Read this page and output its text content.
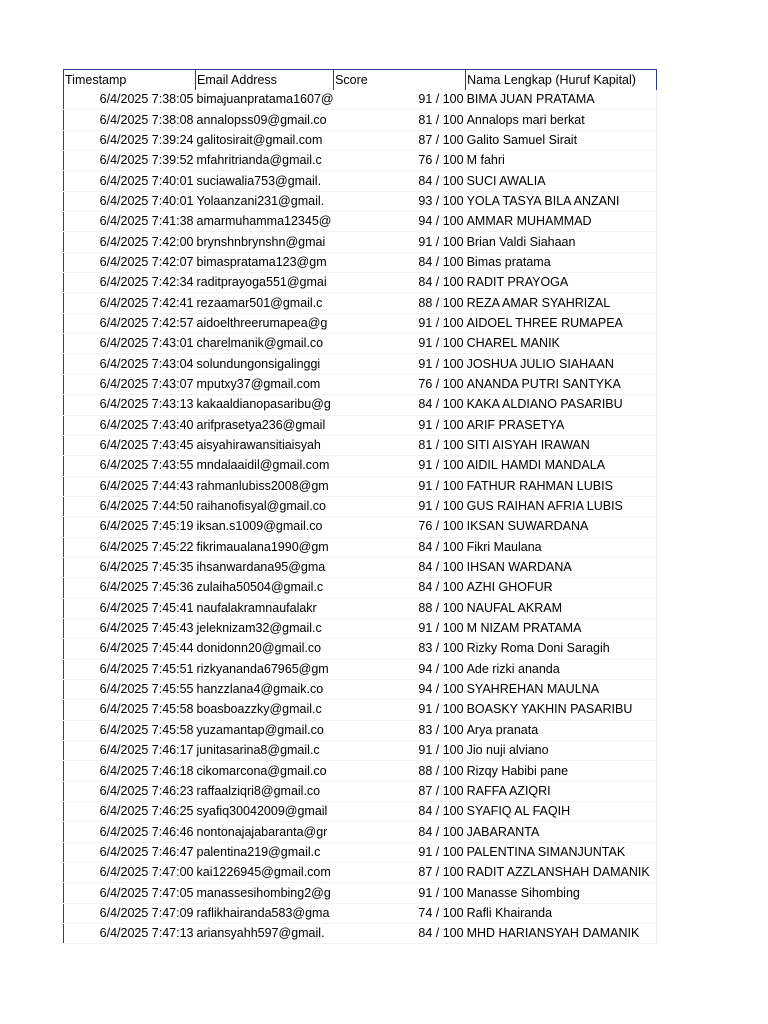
Timestamp	Email Address	Score	Nama Lengkap (Huruf Kapital)
6/4/2025 7:38:05	bimajuanpratama1607@	91 / 100	BIMA JUAN PRATAMA
6/4/2025 7:38:08	annalopss09@gmail.co	81 / 100	Annalops mari berkat
6/4/2025 7:39:24	galitosirait@gmail.com	87 / 100	Galito Samuel Sirait
6/4/2025 7:39:52	mfahritrianda@gmail.c	76 / 100	M fahri
6/4/2025 7:40:01	suciawalia753@gmail.	84 / 100	SUCI AWALIA
6/4/2025 7:40:01	Yolaanzani231@gmail.	93 / 100	YOLA TASYA BILA ANZANI
6/4/2025 7:41:38	amarmuhamma12345@	94 / 100	AMMAR MUHAMMAD
6/4/2025 7:42:00	brynshnbrynshn@gmai	91 / 100	Brian Valdi Siahaan
6/4/2025 7:42:07	bimaspratama123@gm	84 / 100	Bimas pratama
6/4/2025 7:42:34	raditprayoga551@gmai	84 / 100	RADIT PRAYOGA
6/4/2025 7:42:41	rezaamar501@gmail.c	88 / 100	REZA AMAR SYAHRIZAL
6/4/2025 7:42:57	aidoelthreerumapea@g	91 / 100	AIDOEL THREE RUMAPEA
6/4/2025 7:43:01	charelmanik@gmail.co	91 / 100	CHAREL MANIK
6/4/2025 7:43:04	solundungonsigalinggi	91 / 100	JOSHUA JULIO SIAHAAN
6/4/2025 7:43:07	mputxy37@gmail.com	76 / 100	ANANDA PUTRI SANTYKA
6/4/2025 7:43:13	kakaaldianopasaribu@g	84 / 100	KAKA ALDIANO PASARIBU
6/4/2025 7:43:40	arifprasetya236@gmail	91 / 100	ARIF PRASETYA
6/4/2025 7:43:45	aisyahirawansitiaisyah	81 / 100	SITI AISYAH IRAWAN
6/4/2025 7:43:55	mndalaaidil@gmail.com	91 / 100	AIDIL HAMDI MANDALA
6/4/2025 7:44:43	rahmanlubiss2008@gm	91 / 100	FATHUR RAHMAN LUBIS
6/4/2025 7:44:50	raihanofisyal@gmail.co	91 / 100	GUS RAIHAN AFRIA LUBIS
6/4/2025 7:45:19	iksan.s1009@gmail.co	76 / 100	IKSAN SUWARDANA
6/4/2025 7:45:22	fikrimaualana1990@gm	84 / 100	Fikri Maulana
6/4/2025 7:45:35	ihsanwardana95@gma	84 / 100	IHSAN WARDANA
6/4/2025 7:45:36	zulaiha50504@gmail.c	84 / 100	AZHI GHOFUR
6/4/2025 7:45:41	naufalakramnaufalakr	88 / 100	NAUFAL AKRAM
6/4/2025 7:45:43	jeleknizam32@gmail.c	91 / 100	M NIZAM PRATAMA
6/4/2025 7:45:44	donidonn20@gmail.co	83 / 100	Rizky Roma Doni Saragih
6/4/2025 7:45:51	rizkyananda67965@gm	94 / 100	Ade rizki ananda
6/4/2025 7:45:55	hanzzlana4@gmaik.co	94 / 100	SYAHREHAN MAULNA
6/4/2025 7:45:58	boasboazzky@gmail.c	91 / 100	BOASKY YAKHIN PASARIBU
6/4/2025 7:45:58	yuzamantap@gmail.co	83 / 100	Arya pranata
6/4/2025 7:46:17	junitasarina8@gmail.c	91 / 100	Jio nuji alviano
6/4/2025 7:46:18	cikomarcona@gmail.co	88 / 100	Rizqy Habibi pane
6/4/2025 7:46:23	raffaalziqri8@gmail.co	87 / 100	RAFFA AZIQRI
6/4/2025 7:46:25	syafiq30042009@gmail	84 / 100	SYAFIQ AL FAQIH
6/4/2025 7:46:46	nontonajajabaranta@gr	84 / 100	JABARANTA
6/4/2025 7:46:47	palentina219@gmail.c	91 / 100	PALENTINA SIMANJUNTAK
6/4/2025 7:47:00	kai1226945@gmail.com	87 / 100	RADIT AZZLANSHAH DAMANIK
6/4/2025 7:47:05	manassesihombing2@g	91 / 100	Manasse Sihombing
6/4/2025 7:47:09	raflikhairanda583@gma	74 / 100	Rafli Khairanda
6/4/2025 7:47:13	ariansyahh597@gmail.	84 / 100	MHD HARIANSYAH DAMANIK
